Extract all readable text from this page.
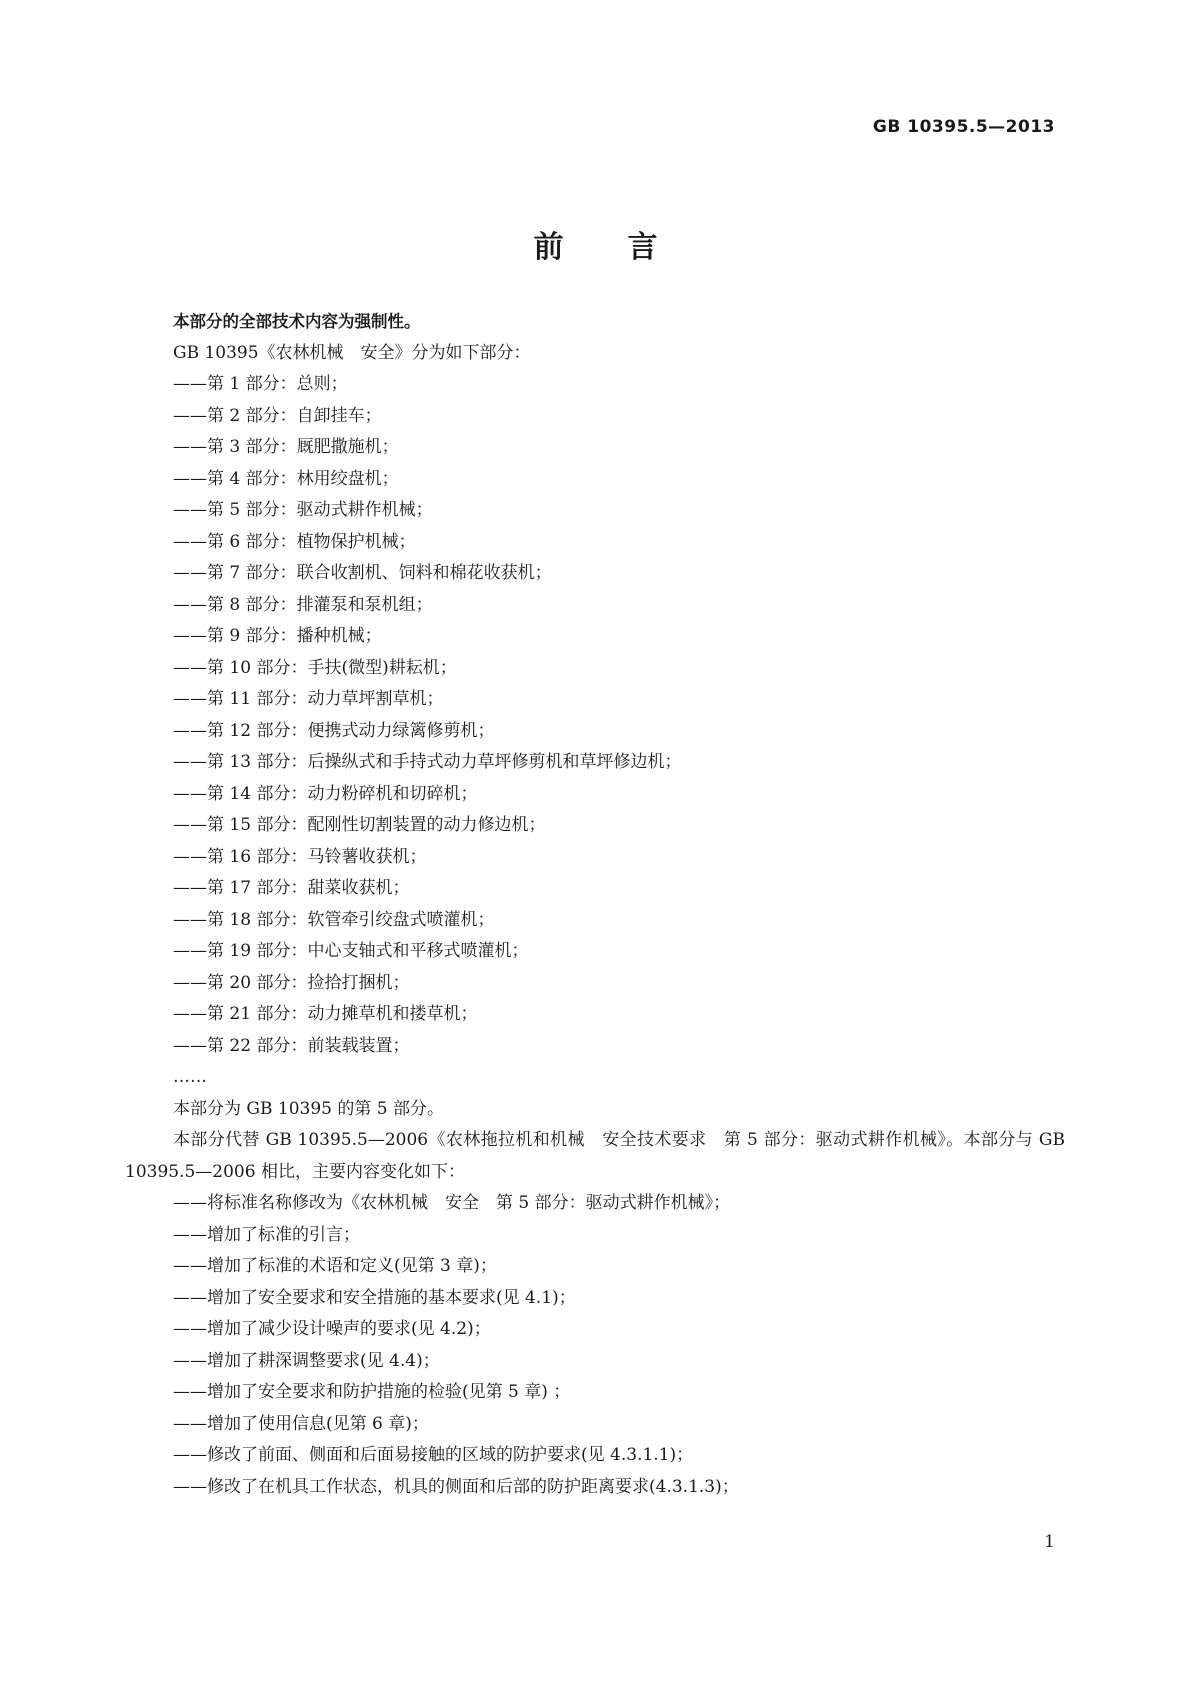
GB 10395.5—2013
前 言
本部分的全部技术内容为强制性。
GB 10395《农林机械　安全》分为如下部分：
——第 1 部分：总则；
——第 2 部分：自卸挂车；
——第 3 部分：厩肥撒施机；
——第 4 部分：林用绞盘机；
——第 5 部分：驱动式耕作机械；
——第 6 部分：植物保护机械；
——第 7 部分：联合收割机、饲料和棉花收获机；
——第 8 部分：排灌泵和泵机组；
——第 9 部分：播种机械；
——第 10 部分：手扶(微型)耕耘机；
——第 11 部分：动力草坪割草机；
——第 12 部分：便携式动力绿篱修剪机；
——第 13 部分：后操纵式和手持式动力草坪修剪机和草坪修边机；
——第 14 部分：动力粉碎机和切碎机；
——第 15 部分：配刚性切割装置的动力修边机；
——第 16 部分：马铃薯收获机；
——第 17 部分：甜菜收获机；
——第 18 部分：软管牵引绞盘式喷灌机；
——第 19 部分：中心支轴式和平移式喷灌机；
——第 20 部分：捡拾打捆机；
——第 21 部分：动力摊草机和搂草机；
——第 22 部分：前装载装置；
……
本部分为 GB 10395 的第 5 部分。
本部分代替 GB 10395.5—2006《农林拖拉机和机械　安全技术要求　第 5 部分：驱动式耕作机械》。本部分与 GB 10395.5—2006 相比，主要内容变化如下：
——将标准名称修改为《农林机械　安全　第 5 部分：驱动式耕作机械》；
——增加了标准的引言；
——增加了标准的术语和定义(见第 3 章)；
——增加了安全要求和安全措施的基本要求(见 4.1)；
——增加了减少设计噪声的要求(见 4.2)；
——增加了耕深调整要求(见 4.4)；
——增加了安全要求和防护措施的检验(见第 5 章) ；
——增加了使用信息(见第 6 章)；
——修改了前面、侧面和后面易接触的区域的防护要求(见 4.3.1.1)；
——修改了在机具工作状态，机具的侧面和后部的防护距离要求(4.3.1.3)；
1
